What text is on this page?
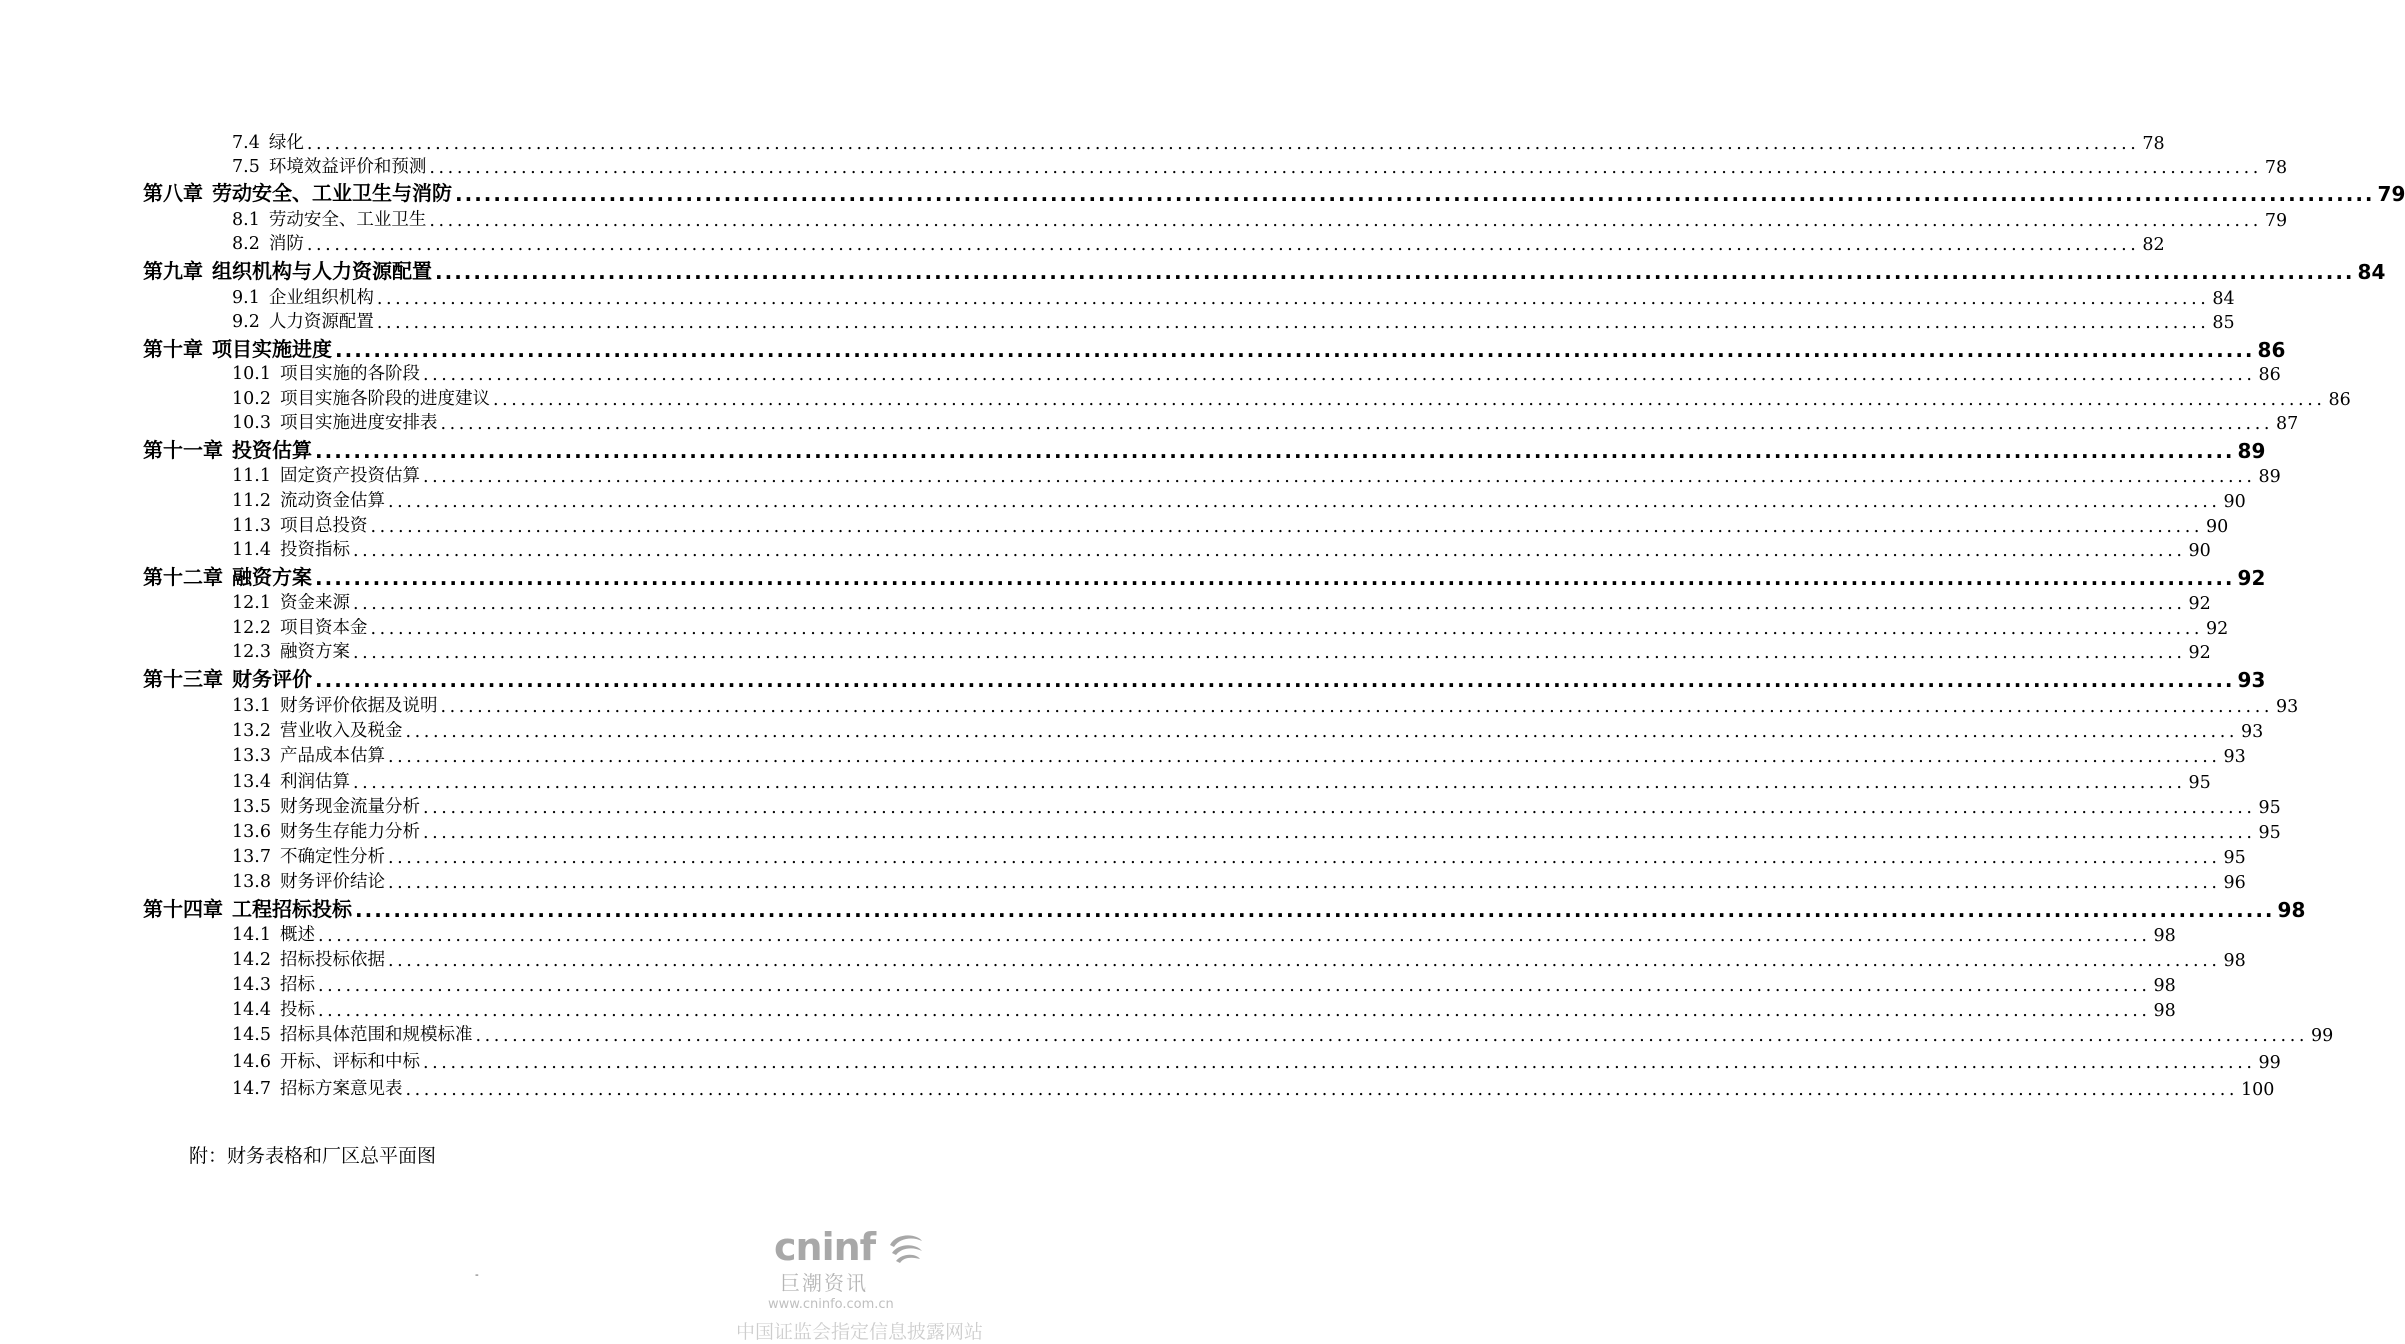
7.4 绿化 ........................................................................................................................................................................................................ 78
7.5 环境效益评价和预测 ........................................................................................................................................................................................................ 78
第八章 劳动安全、工业卫生与消防 ........................................................................................................................................................................................................ 79
8.1 劳动安全、工业卫生 ........................................................................................................................................................................................................ 79
8.2 消防 ........................................................................................................................................................................................................ 82
第九章 组织机构与人力资源配置 ........................................................................................................................................................................................................ 84
9.1 企业组织机构 ........................................................................................................................................................................................................ 84
9.2 人力资源配置 ........................................................................................................................................................................................................ 85
第十章 项目实施进度 ........................................................................................................................................................................................................ 86
10.1 项目实施的各阶段 ........................................................................................................................................................................................................ 86
10.2 项目实施各阶段的进度建议 ........................................................................................................................................................................................................ 86
10.3 项目实施进度安排表 ........................................................................................................................................................................................................ 87
第十一章 投资估算 ........................................................................................................................................................................................................ 89
11.1 固定资产投资估算 ........................................................................................................................................................................................................ 89
11.2 流动资金估算 ........................................................................................................................................................................................................ 90
11.3 项目总投资 ........................................................................................................................................................................................................ 90
11.4 投资指标 ........................................................................................................................................................................................................ 90
第十二章 融资方案 ........................................................................................................................................................................................................ 92
12.1 资金来源 ........................................................................................................................................................................................................ 92
12.2 项目资本金 ........................................................................................................................................................................................................ 92
12.3 融资方案 ........................................................................................................................................................................................................ 92
第十三章 财务评价 ........................................................................................................................................................................................................ 93
13.1 财务评价依据及说明 ........................................................................................................................................................................................................ 93
13.2 营业收入及税金 ........................................................................................................................................................................................................ 93
13.3 产品成本估算 ........................................................................................................................................................................................................ 93
13.4 利润估算 ........................................................................................................................................................................................................ 95
13.5 财务现金流量分析 ........................................................................................................................................................................................................ 95
13.6 财务生存能力分析 ........................................................................................................................................................................................................ 95
13.7 不确定性分析 ........................................................................................................................................................................................................ 95
13.8 财务评价结论 ........................................................................................................................................................................................................ 96
第十四章 工程招标投标 ........................................................................................................................................................................................................ 98
14.1 概述 ........................................................................................................................................................................................................ 98
14.2 招标投标依据 ........................................................................................................................................................................................................ 98
14.3 招标 ........................................................................................................................................................................................................ 98
14.4 投标 ........................................................................................................................................................................................................ 98
14.5 招标具体范围和规模标准 ........................................................................................................................................................................................................ 99
14.6 开标、评标和中标 ........................................................................................................................................................................................................ 99
14.7 招标方案意见表 ........................................................................................................................................................................................................ 100
附：财务表格和厂区总平面图
-
cninf
巨潮资讯
www.cninfo.com.cn
中国证监会指定信息披露网站
